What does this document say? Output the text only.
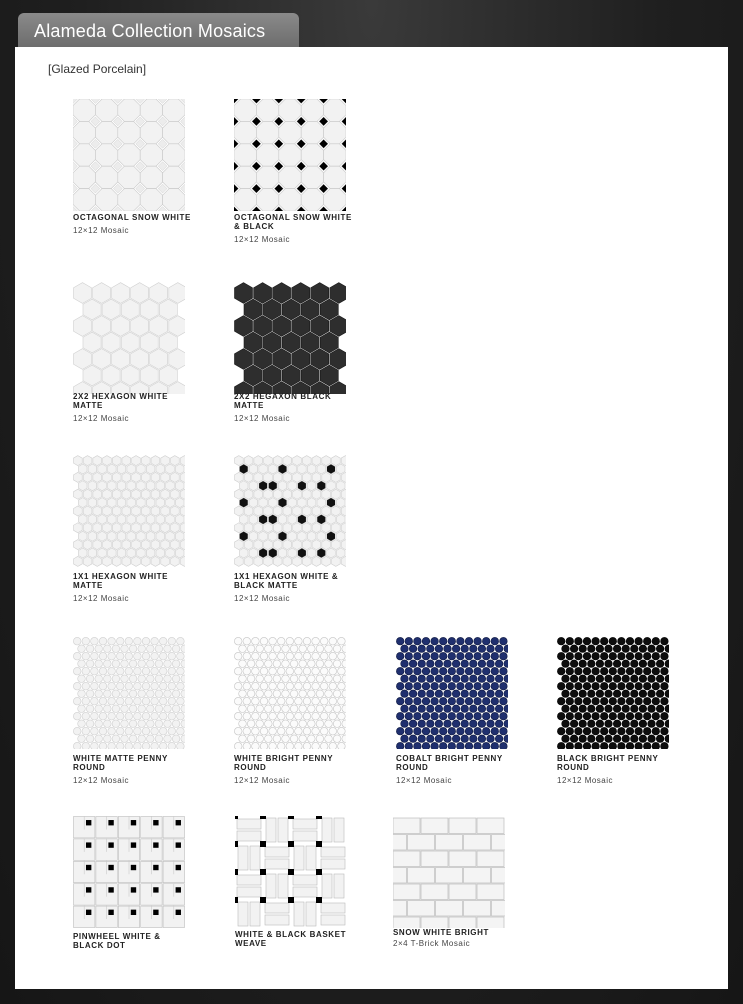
Alameda Collection Mosaics
[Glazed Porcelain]
OCTAGONAL SNOW WHITE
12×12 Mosaic
OCTAGONAL SNOW WHITE & BLACK
12×12 Mosaic
2X2 HEXAGON WHITE MATTE
12×12 Mosaic
2X2 HEGAXON BLACK MATTE
12×12 Mosaic
1X1 HEXAGON WHITE MATTE
12×12 Mosaic
1X1 HEXAGON WHITE & BLACK MATTE
12×12 Mosaic
WHITE MATTE PENNY ROUND
12×12 Mosaic
WHITE BRIGHT PENNY ROUND
12×12 Mosaic
COBALT BRIGHT PENNY ROUND
12×12 Mosaic
BLACK BRIGHT PENNY ROUND
12×12 Mosaic
PINWHEEL WHITE & BLACK DOT
WHITE & BLACK BASKET WEAVE
SNOW WHITE BRIGHT
2×4 T-Brick Mosaic
